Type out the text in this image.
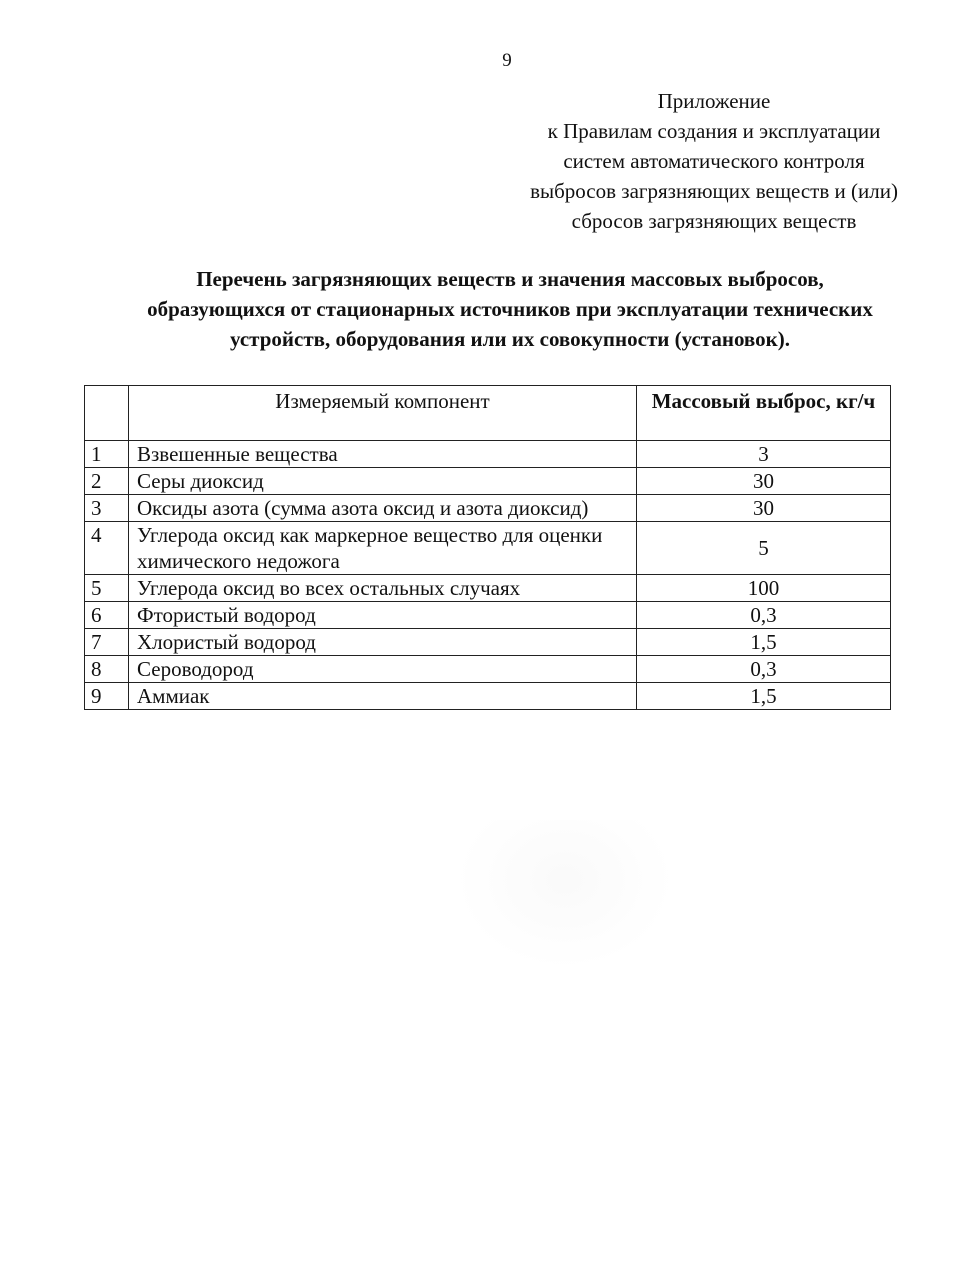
9
Приложение
к Правилам создания и эксплуатации
систем автоматического контроля
выбросов загрязняющих веществ и (или)
сбросов загрязняющих веществ
Перечень загрязняющих веществ и значения массовых выбросов,
образующихся от стационарных источников при эксплуатации технических
устройств, оборудования или их совокупности (установок).
	Измеряемый компонент	Массовый выброс, кг/ч
1	Взвешенные вещества	3
2	Серы диоксид	30
3	Оксиды азота (сумма азота оксид и азота диоксид)	30
4	Углерода оксид как маркерное вещество для оценки химического недожога	5
5	Углерода оксид во всех остальных случаях	100
6	Фтористый водород	0,3
7	Хлористый водород	1,5
8	Сероводород	0,3
9	Аммиак	1,5
